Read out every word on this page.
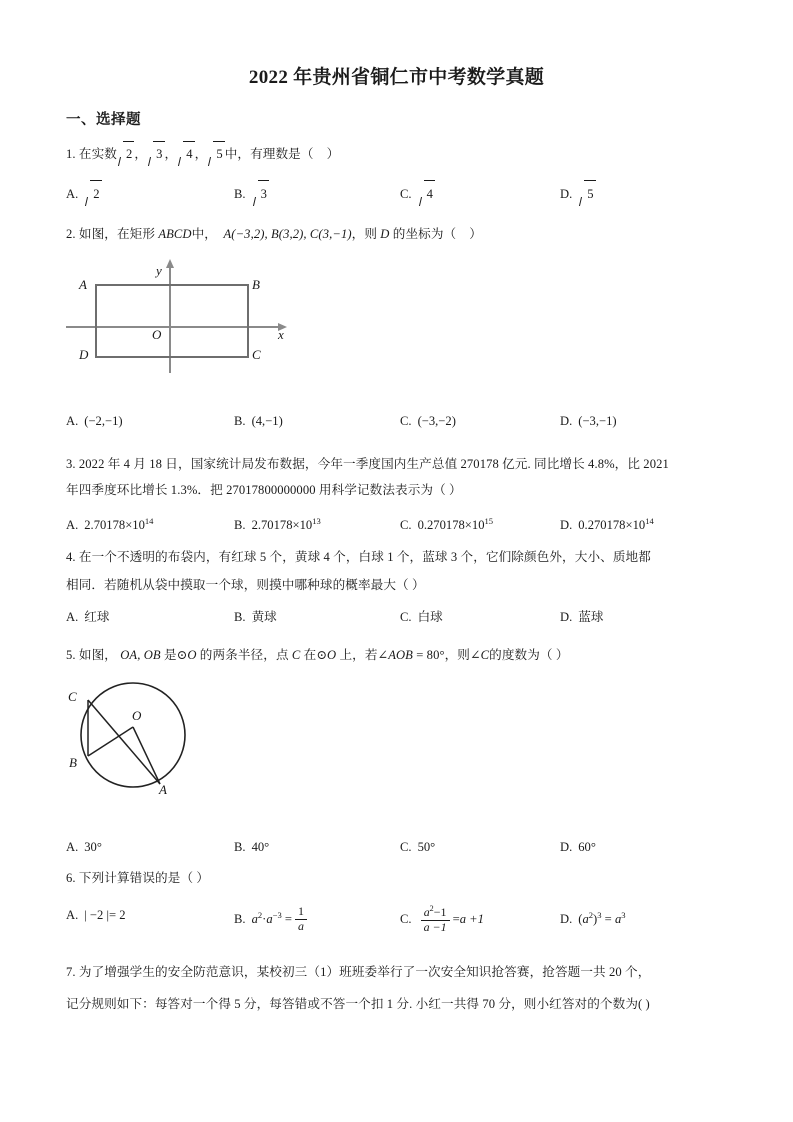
2022 年贵州省铜仁市中考数学真题
一、选择题
1. 在实数 2 ， 3 ， 4 ， 5 中，有理数是（ ）
A. 2	B. 3	C. 4	D. 5
2. 如图，在矩形 ABCD中， A(−3,2), B(3,2), C(3,−1)，则 D 的坐标为（ ）
A	B
C
D
y
x
O
A. (−2,−1)	B. (4,−1)	C. (−3,−2)	D. (−3,−1)
3. 2022 年 4 月 18 日，国家统计局发布数据，今年一季度国内生产总值 270178 亿元. 同比增长 4.8%，比 2021
年四季度环比增长 1.3%．把 27017800000000 用科学记数法表示为（ ）
A. $2.70178\times 10^{14}$	B. $2.70178\times 10^{13}$	C. $0.270178\times 10^{15}$	D. $0.270178\times 10^{14}$
4. 在一个不透明的布袋内，有红球 5 个，黄球 4 个，白球 1 个，蓝球 3 个，它们除颜色外，大小、质地都
相同．若随机从袋中摸取一个球，则摸中哪种球的概率最大（ ）
A. 红球	B. 黄球	C. 白球	D. 蓝球
5. 如图， OA, OB 是⊙O 的两条半径，点 C 在⊙O 上，若∠AOB = 80°，则∠C的度数为（ ）
C
B
A
O
A. 30°	B. 40°	C. 50°	D. 60°
6. 下列计算错误的是（ ）
A. | −2 |= 2	B. $a^2\cdot a^{-3} = \frac{1}{a}$	C. $\frac{a^2-1}{a -1} =a +1$	D. $(a^2)^3 = a^3$
7. 为了增强学生的安全防范意识，某校初三（1）班班委举行了一次安全知识抢答赛，抢答题一共 20 个，
记分规则如下：每答对一个得 5 分，每答错或不答一个扣 1 分. 小红一共得 70 分，则小红答对的个数为( )
